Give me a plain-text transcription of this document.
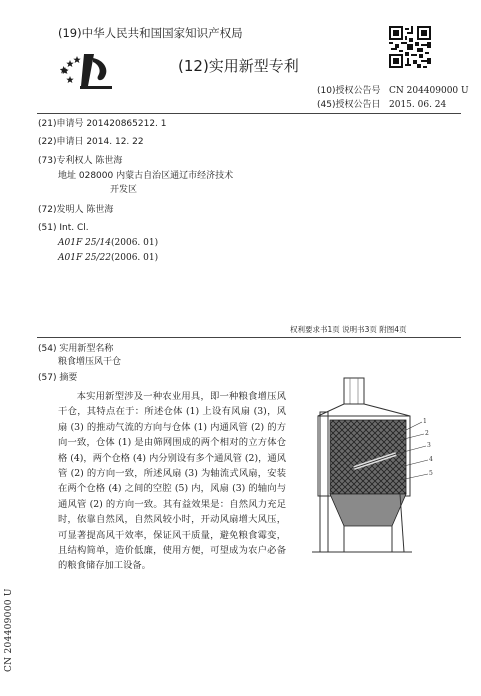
(19)中华人民共和国国家知识产权局
(12)实用新型专利
(10)授权公告号 CN 204409000 U
(45)授权公告日 2015. 06. 24
(21)申请号 201420865212. 1
(22)申请日 2014. 12. 22
(73)专利权人 陈世海
地址 028000 内蒙古自治区通辽市经济技术
开发区
(72)发明人 陈世海
(51) Int. Cl.
A01F 25/14(2006. 01)
A01F 25/22(2006. 01)
权利要求书1页 说明书3页 附图4页
(54) 实用新型名称
粮食增压风干仓
(57) 摘要
本实用新型涉及一种农业用具，即一种粮食增压风干仓，其特点在于：所述仓体 (1) 上设有风扇 (3)，风扇 (3) 的推动气流的方向与仓体 (1) 内通风管 (2) 的方向一致，仓体 (1) 是由筛网围成的两个相对的立方体仓格 (4)，两个仓格 (4) 内分别设有多个通风管 (2)，通风管 (2) 的方向一致，所述风扇 (3) 为轴流式风扇，安装在两个仓格 (4) 之间的空腔 (5) 内，风扇 (3) 的轴向与通风管 (2) 的方向一致。其有益效果是：自然风力充足时，依靠自然风，自然风较小时，开动风扇增大风压，可显著提高风干效率，保证风干质量，避免粮食霉变，且结构简单，造价低廉，使用方便，可望成为农户必备的粮食储存加工设备。
1
2
3
4
5
CN 204409000 U
